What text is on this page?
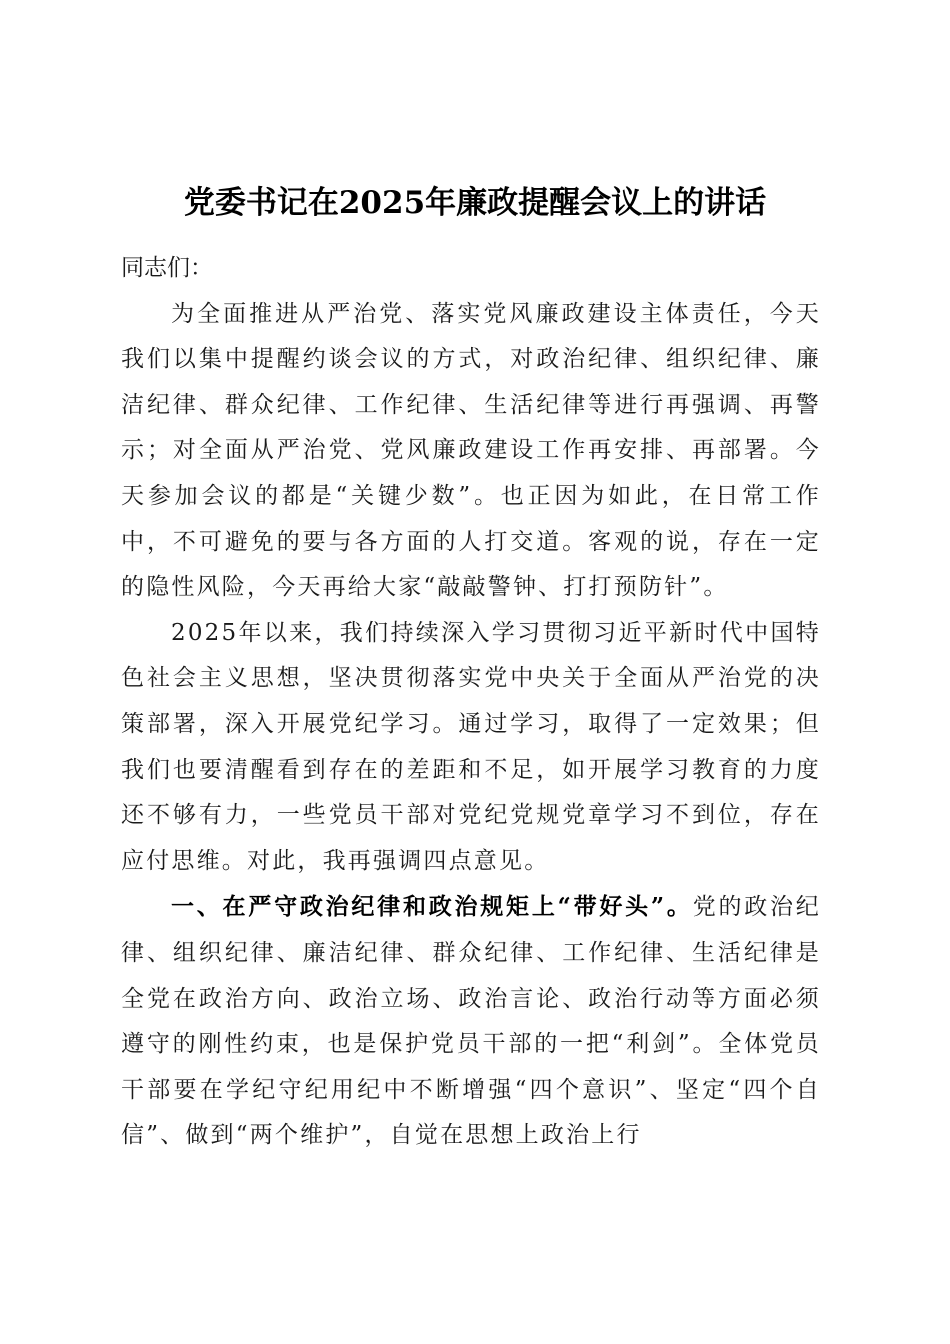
党委书记在2025年廉政提醒会议上的讲话

同志们：

为全面推进从严治党、落实党风廉政建设主体责任，今天我们以集中提醒约谈会议的方式，对政治纪律、组织纪律、廉洁纪律、群众纪律、工作纪律、生活纪律等进行再强调、再警示；对全面从严治党、党风廉政建设工作再安排、再部署。今天参加会议的都是“关键少数”。也正因为如此，在日常工作中，不可避免的要与各方面的人打交道。客观的说，存在一定的隐性风险，今天再给大家“敲敲警钟、打打预防针”。

2025年以来，我们持续深入学习贯彻习近平新时代中国特色社会主义思想，坚决贯彻落实党中央关于全面从严治党的决策部署，深入开展党纪学习。通过学习，取得了一定效果；但我们也要清醒看到存在的差距和不足，如开展学习教育的力度还不够有力，一些党员干部对党纪党规党章学习不到位，存在应付思维。对此，我再强调四点意见。

一、在严守政治纪律和政治规矩上“带好头”。党的政治纪律、组织纪律、廉洁纪律、群众纪律、工作纪律、生活纪律是全党在政治方向、政治立场、政治言论、政治行动等方面必须遵守的刚性约束，也是保护党员干部的一把“利剑”。全体党员干部要在学纪守纪用纪中不断增强“四个意识”、坚定“四个自信”、做到“两个维护”，自觉在思想上政治上行
